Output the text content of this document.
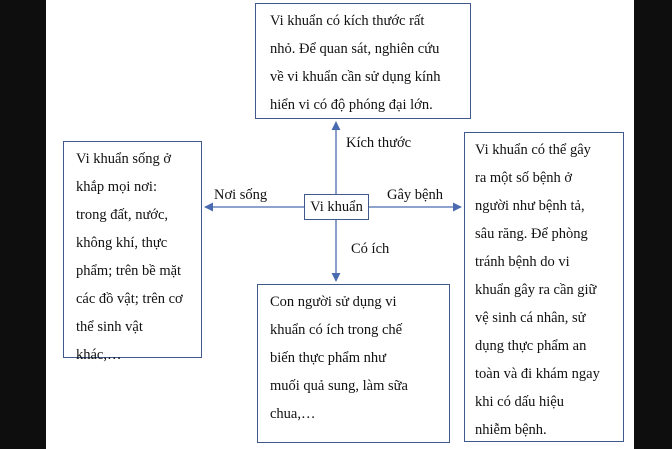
Vi khuẩn có kích thước rất
nhỏ. Để quan sát, nghiên cứu
về vi khuẩn cần sử dụng kính
hiển vi có độ phóng đại lớn.
Vi khuẩn sống ở
khắp mọi nơi:
trong đất, nước,
không khí, thực
phẩm; trên bề mặt
các đồ vật; trên cơ
thể sinh vật
khác,…
Vi khuẩn
Con người sử dụng vi
khuẩn có ích trong chế
biến thực phẩm như
muối quả sung, làm sữa
chua,…
Vi khuẩn có thể gây
ra một số bệnh ở
người như bệnh tả,
sâu răng. Để phòng
tránh bệnh do vi
khuẩn gây ra cần giữ
vệ sinh cá nhân, sử
dụng thực phẩm an
toàn và đi khám ngay
khi có dấu hiệu
nhiễm bệnh.
Kích thước
Nơi sống	Gây bệnh
Có ích
